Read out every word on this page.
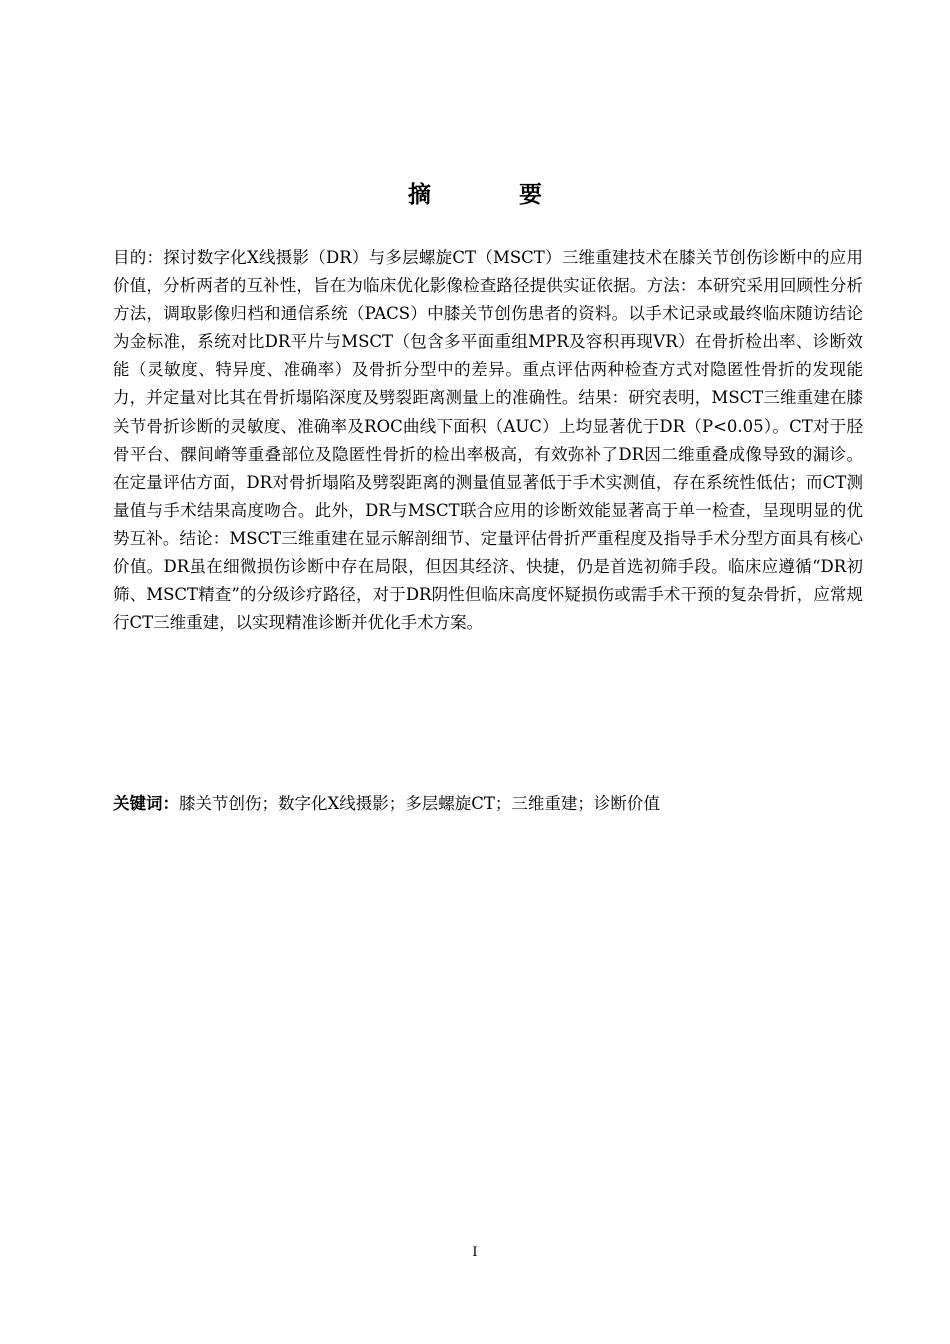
摘 要
目的：探讨数字化X线摄影（DR）与多层螺旋CT（MSCT）三维重建技术在膝关节创伤诊断中的应用价值，分析两者的互补性，旨在为临床优化影像检查路径提供实证依据。方法：本研究采用回顾性分析方法，调取影像归档和通信系统（PACS）中膝关节创伤患者的资料。以手术记录或最终临床随访结论为金标准，系统对比DR平片与MSCT（包含多平面重组MPR及容积再现VR）在骨折检出率、诊断效能（灵敏度、特异度、准确率）及骨折分型中的差异。重点评估两种检查方式对隐匿性骨折的发现能力，并定量对比其在骨折塌陷深度及劈裂距离测量上的准确性。结果：研究表明，MSCT三维重建在膝关节骨折诊断的灵敏度、准确率及ROC曲线下面积（AUC）上均显著优于DR（P<0.05）。CT对于胫骨平台、髁间嵴等重叠部位及隐匿性骨折的检出率极高，有效弥补了DR因二维重叠成像导致的漏诊。在定量评估方面，DR对骨折塌陷及劈裂距离的测量值显著低于手术实测值，存在系统性低估；而CT测量值与手术结果高度吻合。此外，DR与MSCT联合应用的诊断效能显著高于单一检查，呈现明显的优势互补。结论：MSCT三维重建在显示解剖细节、定量评估骨折严重程度及指导手术分型方面具有核心价值。DR虽在细微损伤诊断中存在局限，但因其经济、快捷，仍是首选初筛手段。临床应遵循“DR初筛、MSCT精查”的分级诊疗路径，对于DR阴性但临床高度怀疑损伤或需手术干预的复杂骨折，应常规行CT三维重建，以实现精准诊断并优化手术方案。
关键词：膝关节创伤；数字化X线摄影；多层螺旋CT；三维重建；诊断价值
I
